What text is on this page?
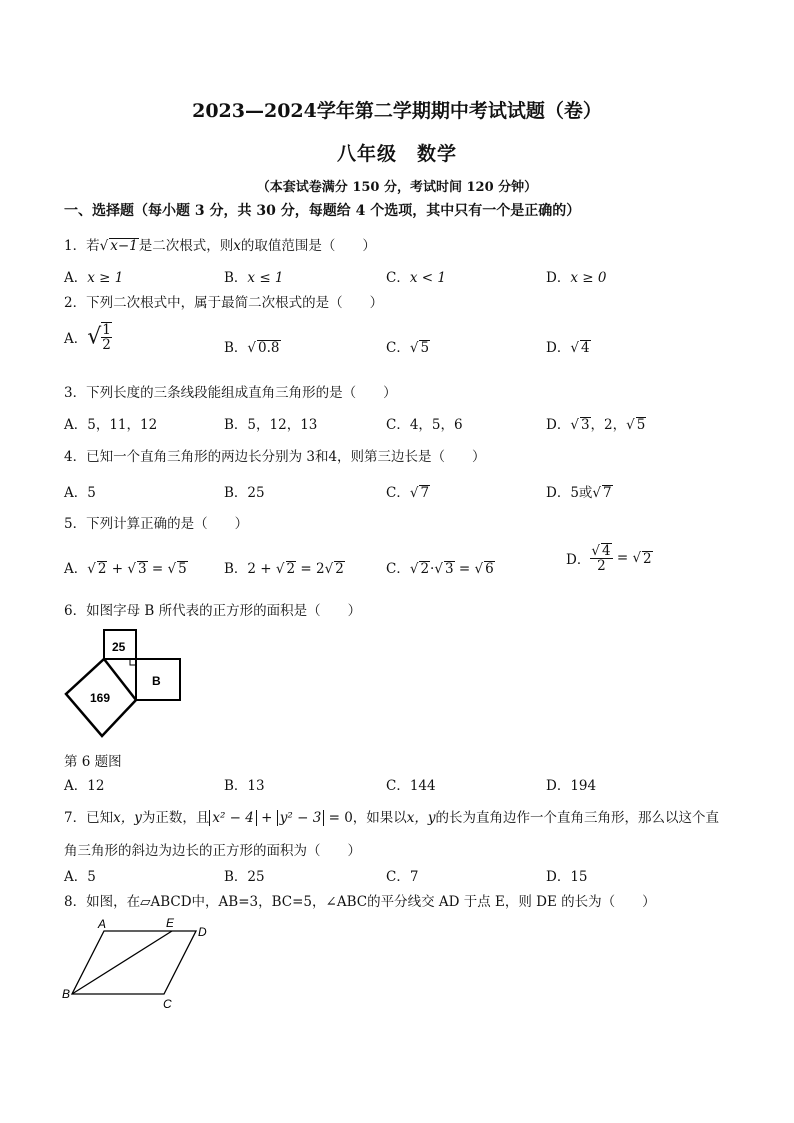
2023—2024学年第二学期期中考试试题（卷）
八年级　数学
（本套试卷满分 150 分，考试时间 120 分钟）
一、选择题（每小题 3 分，共 30 分，每题给 4 个选项，其中只有一个是正确的）
1．若√ x−1是二次根式，则x的取值范围是（　　）
A．x ≥ 1	B．x ≤ 1	C．x < 1	D．x ≥ 0
2．下列二次根式中，属于最简二次根式的是（　　）
A．√ $\frac{1}{2}$	B．√ 0.8	C．√ 5	D．√ 4
3．下列长度的三条线段能组成直角三角形的是（　　）
A．5，11，12	B．5，12，13	C．4，5，6	D．√ 3，2，√ 5
4．已知一个直角三角形的两边长分别为 3和4，则第三边长是（　　）
A．5	B．25	C．√ 7	D．5或√ 7
5．下列计算正确的是（　　）
A．√ 2 + √ 3 = √ 5	B．2 + √ 2 = 2√ 2	C．√ 2·√ 3 = √ 6
D． $\frac{√ 4}{2}$ = √ 2
6．如图字母 B 所代表的正方形的面积是（　　）
25
169
B
第 6 题图
A．12	B．13	C．144	D．194
7．已知x，y为正数，且 x² − 4 + y² − 3 = 0，如果以x，y的长为直角边作一个直角三角形，那么以这个直
角三角形的斜边为边长的正方形的面积为（　　）
A．5	B．25	C．7	D．15
8．如图，在▱ABCD中，AB=3，BC=5，∠ABC的平分线交 AD 于点 E，则 DE 的长为（　　）
A	E
D
B
C
